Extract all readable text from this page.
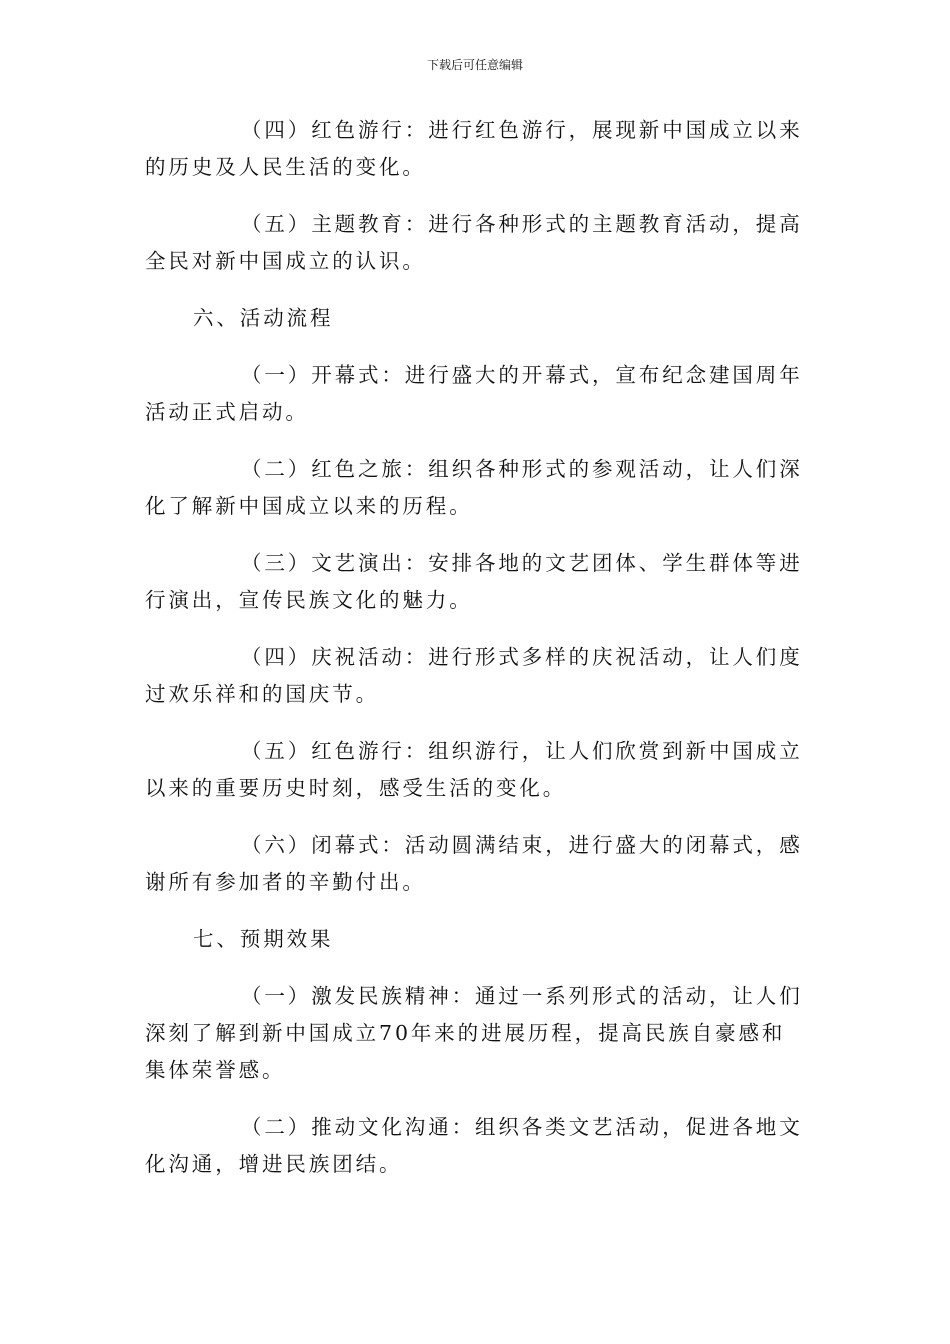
下载后可任意编辑

（四）红色游行：进行红色游行，展现新中国成立以来的历史及人民生活的变化。

（五）主题教育：进行各种形式的主题教育活动，提高全民对新中国成立的认识。

六、活动流程

（一）开幕式：进行盛大的开幕式，宣布纪念建国周年活动正式启动。

（二）红色之旅：组织各种形式的参观活动，让人们深化了解新中国成立以来的历程。

（三）文艺演出：安排各地的文艺团体、学生群体等进行演出，宣传民族文化的魅力。

（四）庆祝活动：进行形式多样的庆祝活动，让人们度过欢乐祥和的国庆节。

（五）红色游行：组织游行，让人们欣赏到新中国成立以来的重要历史时刻，感受生活的变化。

（六）闭幕式：活动圆满结束，进行盛大的闭幕式，感谢所有参加者的辛勤付出。

七、预期效果

（一）激发民族精神：通过一系列形式的活动，让人们深刻了解到新中国成立70年来的进展历程，提高民族自豪感和集体荣誉感。

（二）推动文化沟通：组织各类文艺活动，促进各地文化沟通，增进民族团结。
